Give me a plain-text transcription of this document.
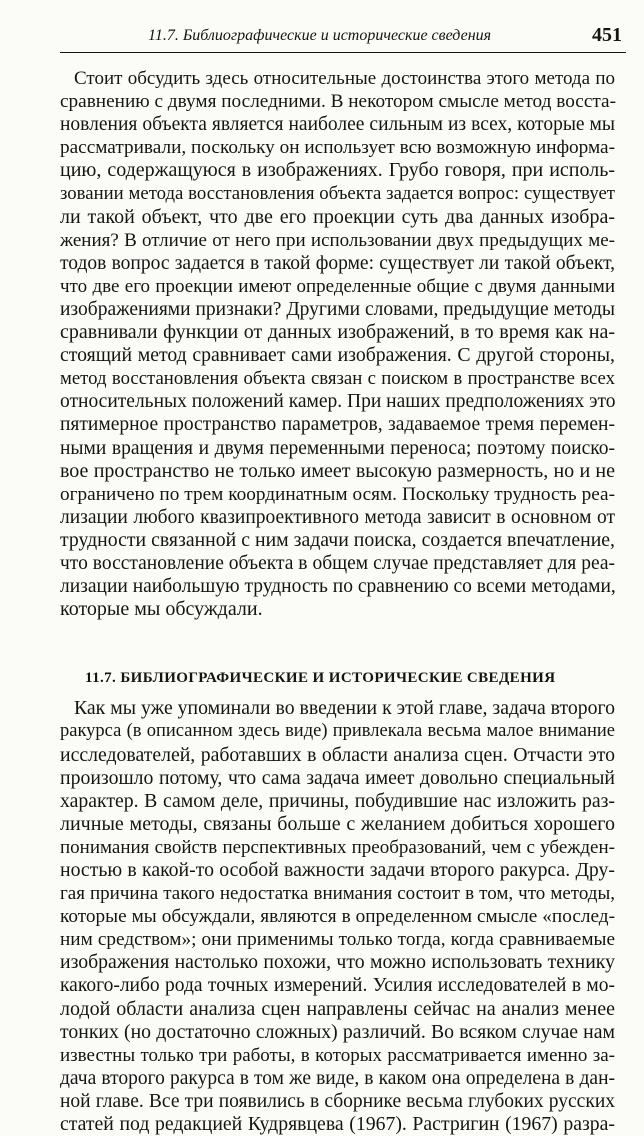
11.7. Библиографические и исторические сведения	451
Стоит обсудить здесь относительные достоинства этого метода по
сравнению с двумя последними. В некотором смысле метод восста-
новления объекта является наиболее сильным из всех, которые мы
рассматривали, поскольку он использует всю возможную информа-
цию, содержащуюся в изображениях. Грубо говоря, при исполь-
зовании метода восстановления объекта задается вопрос: существует
ли такой объект, что две его проекции суть два данных изобра-
жения? В отличие от него при использовании двух предыдущих ме-
тодов вопрос задается в такой форме: существует ли такой объект,
что две его проекции имеют определенные общие с двумя данными
изображениями признаки? Другими словами, предыдущие методы
сравнивали функции от данных изображений, в то время как на-
стоящий метод сравнивает сами изображения. С другой стороны,
метод восстановления объекта связан с поиском в пространстве всех
относительных положений камер. При наших предположениях это
пятимерное пространство параметров, задаваемое тремя перемен-
ными вращения и двумя переменными переноса; поэтому поиско-
вое пространство не только имеет высокую размерность, но и не
ограничено по трем координатным осям. Поскольку трудность реа-
лизации любого квазипроективного метода зависит в основном от
трудности связанной с ним задачи поиска, создается впечатление,
что восстановление объекта в общем случае представляет для реа-
лизации наибольшую трудность по сравнению со всеми методами,
которые мы обсуждали.
11.7. БИБЛИОГРАФИЧЕСКИЕ И ИСТОРИЧЕСКИЕ СВЕДЕНИЯ
Как мы уже упоминали во введении к этой главе, задача второго
ракурса (в описанном здесь виде) привлекала весьма малое внимание
исследователей, работавших в области анализа сцен. Отчасти это
произошло потому, что сама задача имеет довольно специальный
характер. В самом деле, причины, побудившие нас изложить раз-
личные методы, связаны больше с желанием добиться хорошего
понимания свойств перспективных преобразований, чем с убежден-
ностью в какой-то особой важности задачи второго ракурса. Дру-
гая причина такого недостатка внимания состоит в том, что методы,
которые мы обсуждали, являются в определенном смысле «послед-
ним средством»; они применимы только тогда, когда сравниваемые
изображения настолько похожи, что можно использовать технику
какого-либо рода точных измерений. Усилия исследователей в мо-
лодой области анализа сцен направлены сейчас на анализ менее
тонких (но достаточно сложных) различий. Во всяком случае нам
известны только три работы, в которых рассматривается именно за-
дача второго ракурса в том же виде, в каком она определена в дан-
ной главе. Все три появились в сборнике весьма глубоких русских
статей под редакцией Кудрявцева (1967). Растригин (1967) разра-
